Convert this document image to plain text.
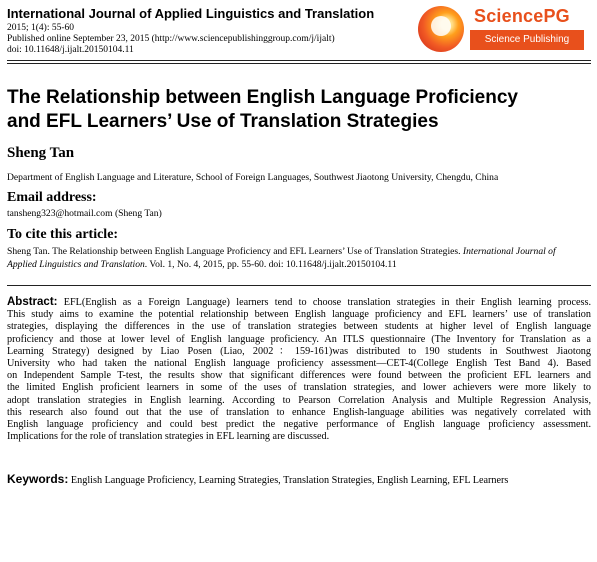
International Journal of Applied Linguistics and Translation
2015; 1(4): 55-60
Published online September 23, 2015 (http://www.sciencepublishinggroup.com/j/ijalt)
doi: 10.11648/j.ijalt.20150104.11
SciencePG
Science Publishing
The Relationship between English Language Proficiency
and EFL Learners’ Use of Translation Strategies
Sheng Tan
Department of English Language and Literature, School of Foreign Languages, Southwest Jiaotong University, Chengdu, China
Email address:
tansheng323@hotmail.com (Sheng Tan)
To cite this article:
Sheng Tan. The Relationship between English Language Proficiency and EFL Learners’ Use of Translation Strategies. International Journal of
Applied Linguistics and Translation. Vol. 1, No. 4, 2015, pp. 55-60. doi: 10.11648/j.ijalt.20150104.11
Abstract: EFL(English as a Foreign Language) learners tend to choose translation strategies in their English learning process.
This study aims to examine the potential relationship between English language proficiency and EFL learners’ use of translation
strategies, displaying the differences in the use of translation strategies between students at higher level of English language
proficiency and those at lower level of English language proficiency. An ITLS questionnaire (The Inventory for Translation as a
Learning Strategy) designed by Liao Posen (Liao, 2002：159-161)was distributed to 190 students in Southwest Jiaotong
University who had taken the national English language proficiency assessment—CET-4(College English Test Band 4). Based
on Independent Sample T-test, the results show that significant differences were found between the proficient EFL learners and
the limited English proficient learners in some of the uses of translation strategies, and lower achievers were more likely to
adopt translation strategies in English learning. According to Pearson Correlation Analysis and Multiple Regression Analysis,
this research also found out that the use of translation to enhance English-language abilities was negatively correlated with
English language proficiency and could best predict the negative performance of English language proficiency assessment.
Implications for the role of translation strategies in EFL learning are discussed.
Keywords: English Language Proficiency, Learning Strategies, Translation Strategies, English Learning, EFL Learners
